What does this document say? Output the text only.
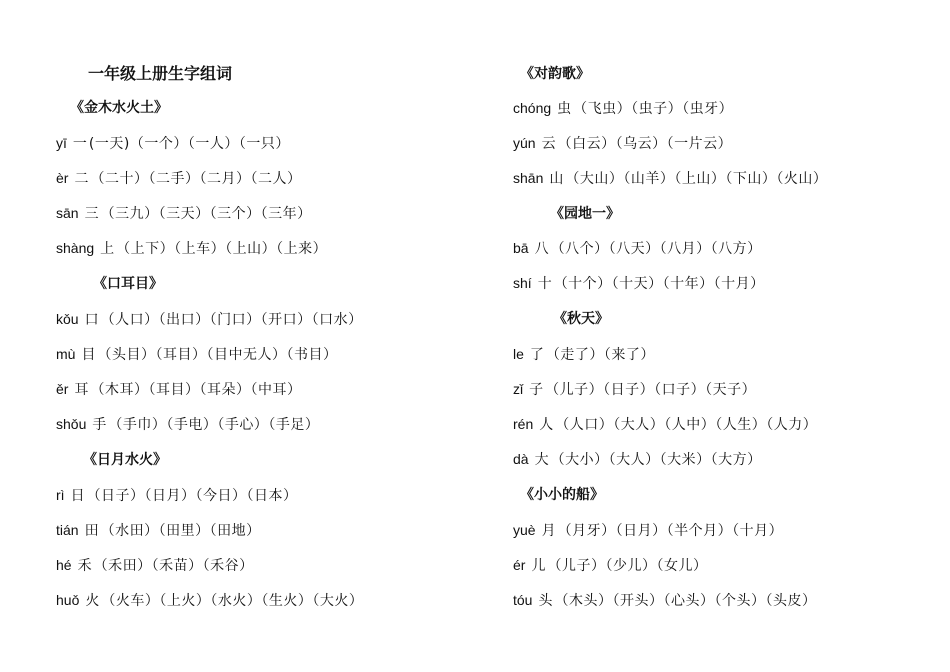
一年级上册生字组词
《金木水火土》
yī 一 (一天)（一个）（一人）（一只）
èr 二 （二十）（二手）（二月）（二人）
sān 三 （三九）（三天）（三个）（三年）
shàng 上 （上下）（上车）（上山）（上来）
《口耳目》
kǒu 口 （人口）（出口）（门口）（开口）（口水）
mù 目 （头目）（耳目）（目中无人）（书目）
ěr 耳 （木耳）（耳目）（耳朵）（中耳）
shǒu 手 （手巾）（手电）（手心）（手足）
《日月水火》
rì 日 （日子）（日月）（今日）（日本）
tián 田 （水田）（田里）（田地）
hé 禾 （禾田）（禾苗）（禾谷）
huǒ 火 （火车）（上火）（水火）（生火）（大火）
《对韵歌》
chóng 虫 （飞虫）（虫子）（虫牙）
yún 云 （白云）（乌云）（一片云）
shān 山 （大山）（山羊）（上山）（下山）（火山）
《园地一》
bā 八 （八个）（八天）（八月）（八方）
shí 十 （十个）（十天）（十年）（十月）
《秋天》
le 了 （走了）（来了）
zǐ 子 （儿子）（日子）（口子）（天子）
rén 人 （人口）（大人）（人中）（人生）（人力）
dà 大 （大小）（大人）（大米）（大方）
《小小的船》
yuè 月 （月牙）（日月）（半个月）（十月）
ér 儿 （儿子）（少儿）（女儿）
tóu 头 （木头）（开头）（心头）（个头）（头皮）
